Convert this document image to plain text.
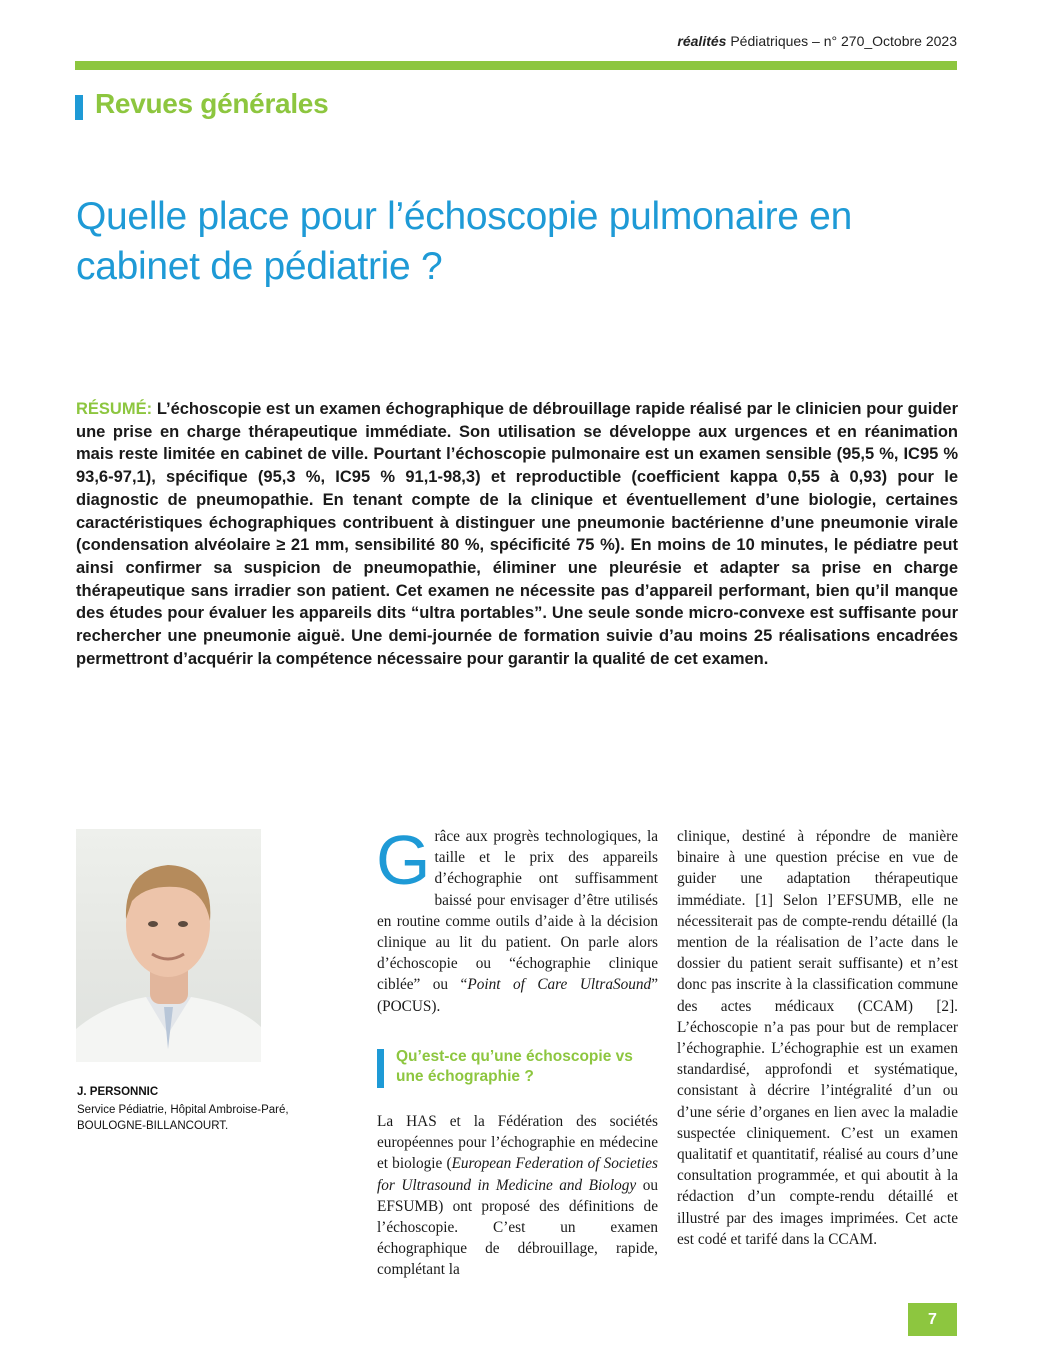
réalités Pédiatriques – n° 270_Octobre 2023
Revues générales
Quelle place pour l’échoscopie pulmonaire en cabinet de pédiatrie ?
RÉSUMÉ: L’échoscopie est un examen échographique de débrouillage rapide réalisé par le clinicien pour guider une prise en charge thérapeutique immédiate. Son utilisation se développe aux urgences et en réanimation mais reste limitée en cabinet de ville. Pourtant l’échoscopie pulmonaire est un examen sensible (95,5 %, IC95 % 93,6-97,1), spécifique (95,3 %, IC95 % 91,1-98,3) et reproductible (coefficient kappa 0,55 à 0,93) pour le diagnostic de pneumopathie. En tenant compte de la clinique et éventuellement d’une biologie, certaines caractéristiques échographiques contribuent à distinguer une pneumonie bactérienne d’une pneumonie virale (condensation alvéolaire ≥ 21 mm, sensibilité 80 %, spécificité 75 %). En moins de 10 minutes, le pédiatre peut ainsi confirmer sa suspicion de pneumopathie, éliminer une pleurésie et adapter sa prise en charge thérapeutique sans irradier son patient. Cet examen ne nécessite pas d’appareil performant, bien qu’il manque des études pour évaluer les appareils dits “ultra portables”. Une seule sonde micro-convexe est suffisante pour rechercher une pneumonie aiguë. Une demi-journée de formation suivie d’au moins 25 réalisations encadrées permettront d’acquérir la compétence nécessaire pour garantir la qualité de cet examen.
J. PERSONNIC
Service Pédiatrie, Hôpital Ambroise-Paré,
BOULOGNE-BILLANCOURT.
G râce aux progrès technologiques, la taille et le prix des appareils d’échographie ont suffisamment baissé pour envisager d’être utilisés en routine comme outils d’aide à la décision clinique au lit du patient. On parle alors d’échoscopie ou “échographie clinique ciblée” ou “Point of Care UltraSound” (POCUS).

Qu’est-ce qu’une échoscopie vs une échographie ?

La HAS et la Fédération des sociétés européennes pour l’échographie en médecine et biologie (European Federation of Societies for Ultrasound in Medicine and Biology ou EFSUMB) ont proposé des définitions de l’échoscopie. C’est un examen échographique de débrouillage, rapide, complétant la

clinique, destiné à répondre de manière binaire à une question précise en vue de guider une adaptation thérapeutique immédiate. [1] Selon l’EFSUMB, elle ne nécessiterait pas de compte-rendu détaillé (la mention de la réalisation de l’acte dans le dossier du patient serait suffisante) et n’est donc pas inscrite à la classification commune des actes médicaux (CCAM) [2]. L’échoscopie n’a pas pour but de remplacer l’échographie. L’échographie est un examen standardisé, approfondi et systématique, consistant à décrire l’intégralité d’un ou d’une série d’organes en lien avec la maladie suspectée cliniquement. C’est un examen qualitatif et quantitatif, réalisé au cours d’une consultation programmée, et qui aboutit à la rédaction d’un compte-rendu détaillé et illustré par des images imprimées. Cet acte est codé et tarifé dans la CCAM.

7
